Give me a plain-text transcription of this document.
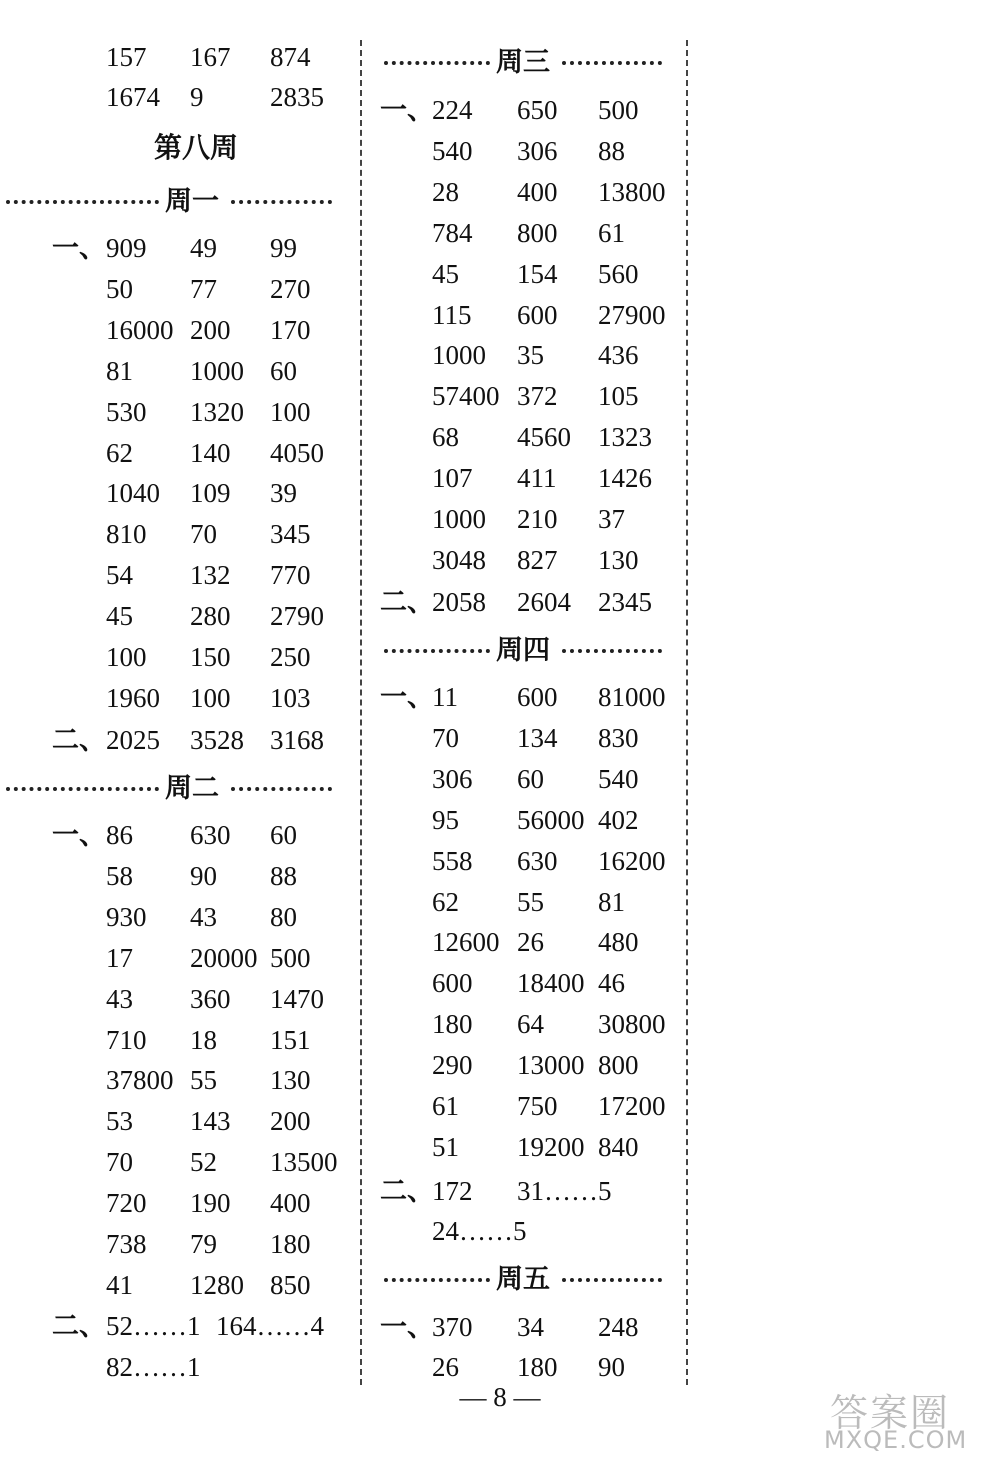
157 167 874
1674 9 2835
第八周
周一
一、 909 49 99
50 77 270
16000 200 170
81 1000 60
530 1320 100
62 140 4050
1040 109 39
810 70 345
54 132 770
45 280 2790
100 150 250
1960 100 103
二、 2025 3528 3168
周二
一、 86 630 60
58 90 88
930 43 80
17 20000 500
43 360 1470
710 18 151
37800 55 130
53 143 200
70 52 13500
720 190 400
738 79 180
41 1280 850
二、 52……1 164……4
82……1
周三
一、
224 650 500
540 306 88
28 400 13800
784 800 61
45 154 560
115 600 27900
1000 35 436
57400 372 105
68 4560 1323
107 411 1426
1000 210 37
3048 827 130
二、
2058 2604 2345
周四
一、
11 600 81000
70 134 830
306 60 540
95 56000 402
558 630 16200
62 55 81
12600 26 480
600 18400 46
180 64 30800
290 13000 800
61 750 17200
51 19200 840
二、
172 31……5
24……5
周五
一、
370 34 248
26 180 90
— 8 —	答案圈
MXQE.COM
